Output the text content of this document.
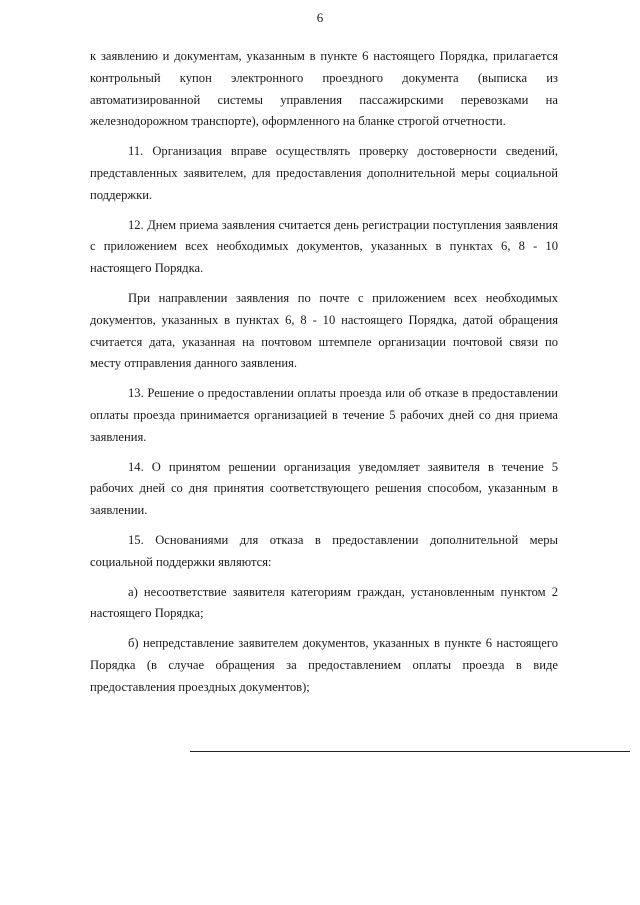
6

к заявлению и документам, указанным в пункте 6 настоящего Порядка, прилагается контрольный купон электронного проездного документа (выписка из автоматизированной системы управления пассажирскими перевозками на железнодорожном транспорте), оформленного на бланке строгой отчетности.

11. Организация вправе осуществлять проверку достоверности сведений, представленных заявителем, для предоставления дополнительной меры социальной поддержки.

12. Днем приема заявления считается день регистрации поступления заявления с приложением всех необходимых документов, указанных в пунктах 6, 8 - 10 настоящего Порядка.

При направлении заявления по почте с приложением всех необходимых документов, указанных в пунктах 6, 8 - 10 настоящего Порядка, датой обращения считается дата, указанная на почтовом штемпеле организации почтовой связи по месту отправления данного заявления.

13. Решение о предоставлении оплаты проезда или об отказе в предоставлении оплаты проезда принимается организацией в течение 5 рабочих дней со дня приема заявления.

14. О принятом решении организация уведомляет заявителя в течение 5 рабочих дней со дня принятия соответствующего решения способом, указанным в заявлении.

15. Основаниями для отказа в предоставлении дополнительной меры социальной поддержки являются:

а) несоответствие заявителя категориям граждан, установленным пунктом 2 настоящего Порядка;

б) непредставление заявителем документов, указанных в пункте 6 настоящего Порядка (в случае обращения за предоставлением оплаты проезда в виде предоставления проездных документов);
